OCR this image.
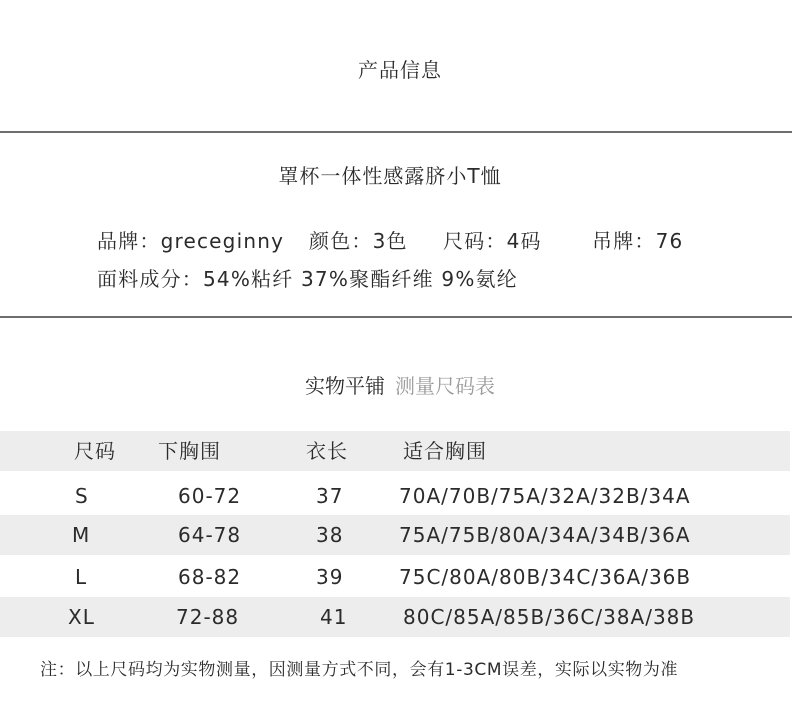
产品信息
罩杯一体性感露脐小T恤
品牌：greceginny 颜色：3色 尺码：4码	吊牌：76
面料成分：54%粘纤 37%聚酯纤维 9%氨纶
实物平铺 测量尺码表
尺码 下胸围	衣长	适合胸围
S	60-72	37	70A/70B/75A/32A/32B/34A
M	64-78	38	75A/75B/80A/34A/34B/36A
L	68-82	39	75C/80A/80B/34C/36A/36B
XL	72-88	41	80C/85A/85B/36C/38A/38B
注：以上尺码均为实物测量，因测量方式不同，会有1-3CM误差，实际以实物为准
